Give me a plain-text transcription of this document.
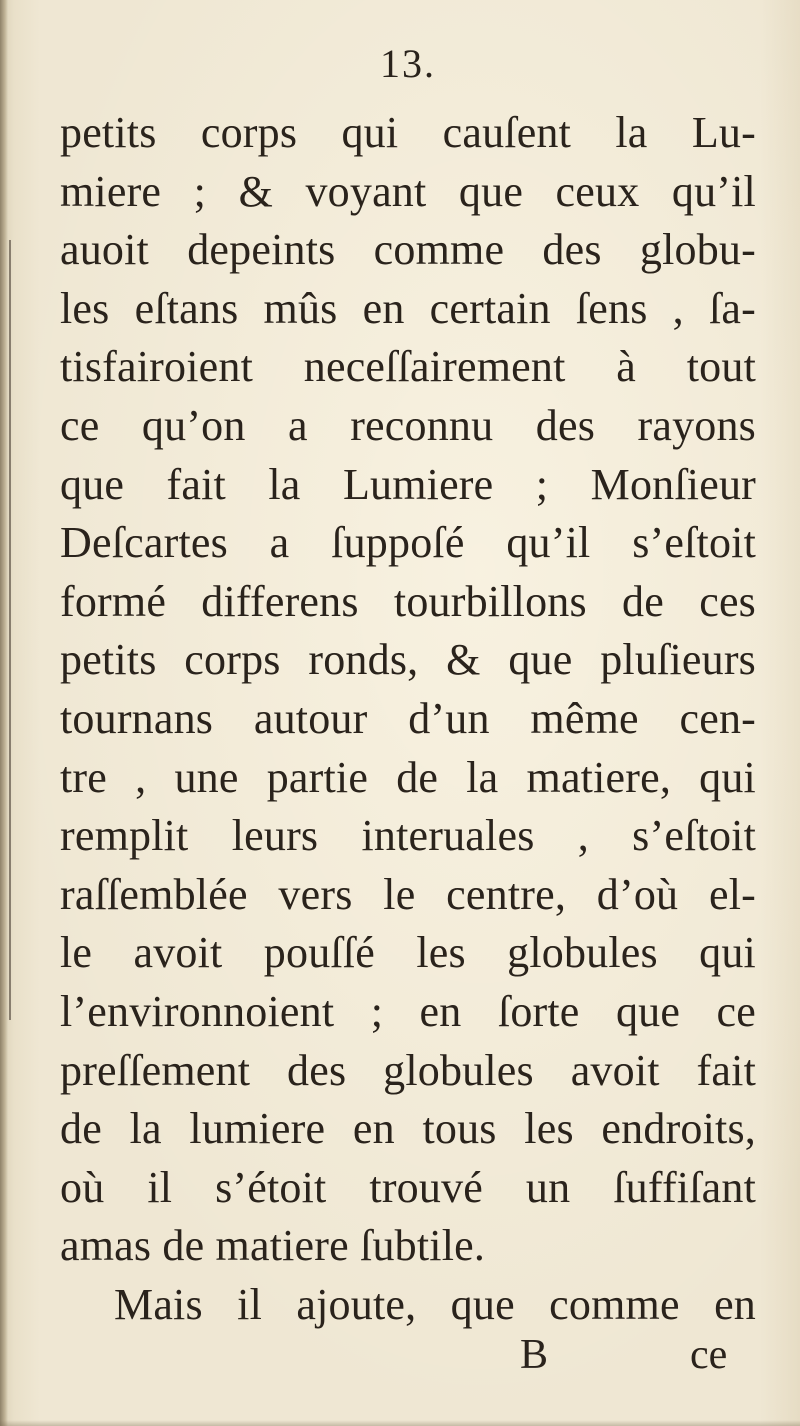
13.
petits corps qui cauſent la Lu-
miere ; & voyant que ceux qu’il
auoit depeints comme des globu-
les eſtans mûs en certain ſens , ſa-
tisfairoient neceſſairement à tout
ce qu’on a reconnu des rayons
que fait la Lumiere ; Monſieur
Deſcartes a ſuppoſé qu’il s’eſtoit
formé differens tourbillons de ces
petits corps ronds, & que pluſieurs
tournans autour d’un même cen-
tre , une partie de la matiere, qui
remplit leurs interuales , s’eſtoit
raſſemblée vers le centre, d’où el-
le avoit pouſſé les globules qui
l’environnoient ; en ſorte que ce
preſſement des globules avoit fait
de la lumiere en tous les endroits,
où il s’étoit trouvé un ſuffiſant
amas de matiere ſubtile.
Mais il ajoute, que comme en
B	ce
